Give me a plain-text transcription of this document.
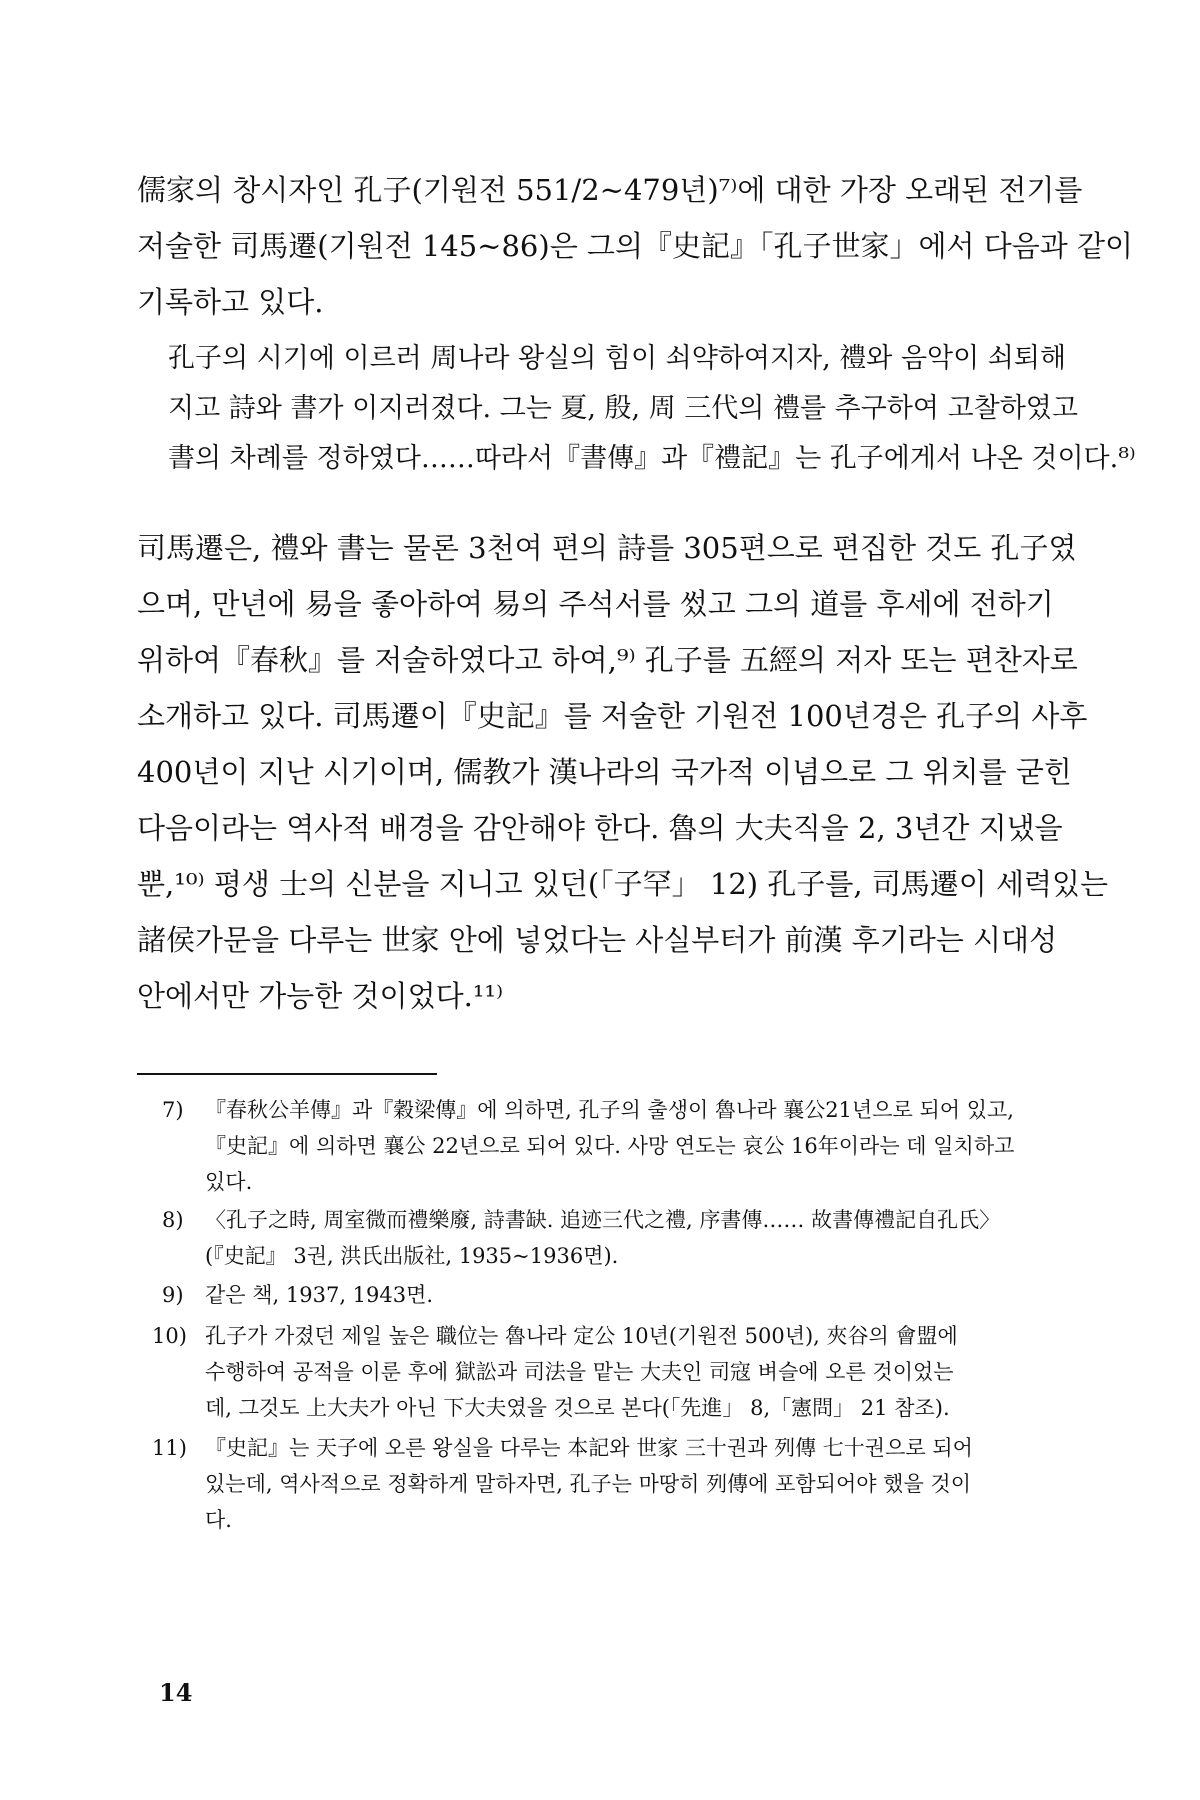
儒家의 창시자인 孔子(기원전 551/2~479년)⁷⁾에 대한 가장 오래된 전기를
저술한 司馬遷(기원전 145~86)은 그의『史記』「孔子世家」에서 다음과 같이
기록하고 있다.

孔子의 시기에 이르러 周나라 왕실의 힘이 쇠약하여지자, 禮와 음악이 쇠퇴해
지고 詩와 書가 이지러졌다. 그는 夏, 殷, 周 三代의 禮를 추구하여 고찰하였고
書의 차례를 정하였다……따라서『書傳』과『禮記』는 孔子에게서 나온 것이다.⁸⁾

司馬遷은, 禮와 書는 물론 3천여 편의 詩를 305편으로 편집한 것도 孔子였
으며, 만년에 易을 좋아하여 易의 주석서를 썼고 그의 道를 후세에 전하기
위하여『春秋』를 저술하였다고 하여,⁹⁾ 孔子를 五經의 저자 또는 편찬자로
소개하고 있다. 司馬遷이『史記』를 저술한 기원전 100년경은 孔子의 사후
400년이 지난 시기이며, 儒教가 漢나라의 국가적 이념으로 그 위치를 굳힌
다음이라는 역사적 배경을 감안해야 한다. 魯의 大夫직을 2, 3년간 지냈을
뿐,¹⁰⁾ 평생 士의 신분을 지니고 있던(「子罕」 12) 孔子를, 司馬遷이 세력있는
諸侯가문을 다루는 世家 안에 넣었다는 사실부터가 前漢 후기라는 시대성
안에서만 가능한 것이었다.¹¹⁾

7) 『春秋公羊傳』과『穀梁傳』에 의하면, 孔子의 출생이 魯나라 襄公21년으로 되어 있고,
『史記』에 의하면 襄公 22년으로 되어 있다. 사망 연도는 哀公 16年이라는 데 일치하고
있다.
8) 〈孔子之時, 周室微而禮樂廢, 詩書缺. 追迹三代之禮, 序書傳…… 故書傳禮記自孔氏〉
(『史記』 3권, 洪氏出版社, 1935~1936면).
9) 같은 책, 1937, 1943면.
10) 孔子가 가졌던 제일 높은 職位는 魯나라 定公 10년(기원전 500년), 夾谷의 會盟에
수행하여 공적을 이룬 후에 獄訟과 司法을 맡는 大夫인 司寇 벼슬에 오른 것이었는
데, 그것도 上大夫가 아닌 下大夫였을 것으로 본다(「先進」 8,「憲問」 21 참조).
11) 『史記』는 天子에 오른 왕실을 다루는 本記와 世家 三十권과 列傳 七十권으로 되어
있는데, 역사적으로 정확하게 말하자면, 孔子는 마땅히 列傳에 포함되어야 했을 것이
다.
14
